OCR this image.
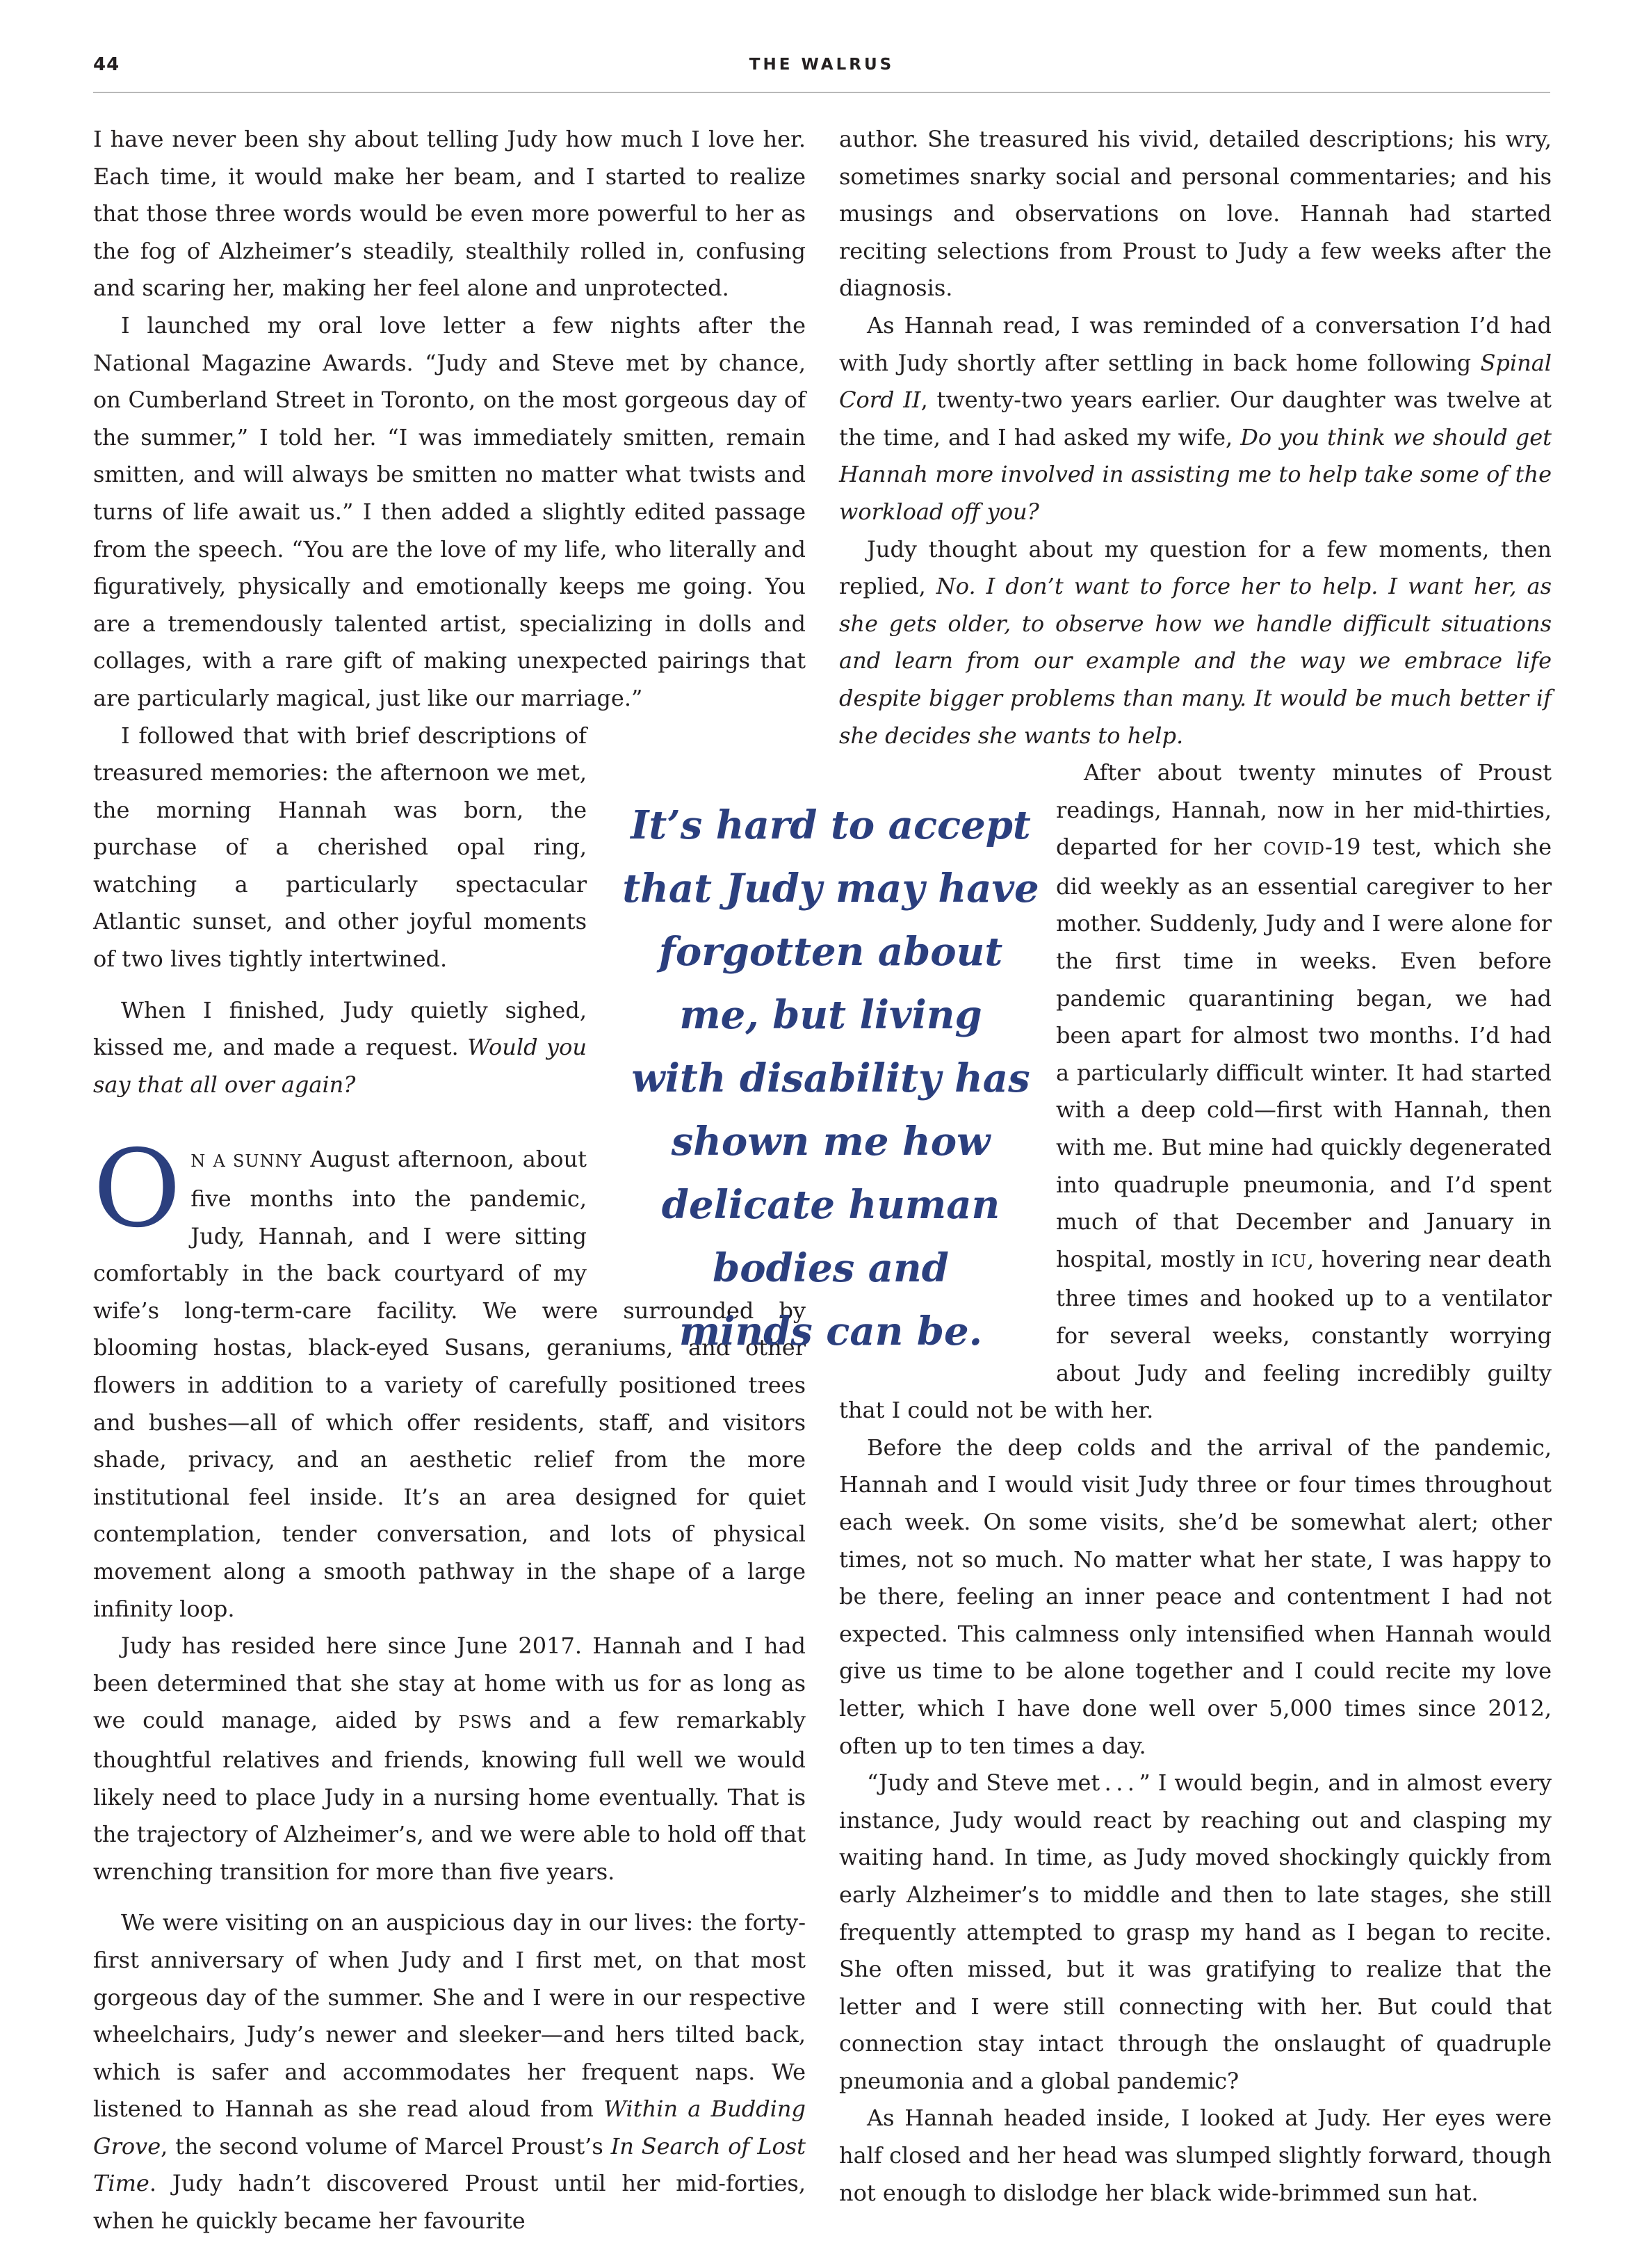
44	THE WALRUS

I have never been shy about telling Judy how much I love her. Each time, it would make her beam, and I started to realize that those three words would be even more powerful to her as the fog of Alzheimer’s steadily, stealthily rolled in, confusing and scaring her, making her feel alone and unprotected.

I launched my oral love letter a few nights after the National Magazine Awards. “Judy and Steve met by chance, on Cumberland Street in Toronto, on the most gorgeous day of the summer,” I told her. “I was immediately smitten, remain smitten, and will always be smitten no matter what twists and turns of life await us.” I then added a slightly edited passage from the speech. “You are the love of my life, who literally and figuratively, physically and emotionally keeps me going. You are a tremendously talented artist, specializing in dolls and collages, with a rare gift of making unexpected pairings that are particularly magical, just like our marriage.”

I followed that with brief descriptions of treasured memories: the afternoon we met, the morning Hannah was born, the purchase of a cherished opal ring, watching a particularly spectacular Atlantic sunset, and other joyful moments of two lives tightly intertwined.

When I finished, Judy quietly sighed, kissed me, and made a request. Would you say that all over again?

ON A SUNNY August afternoon, about five months into the pandemic, Judy, Hannah, and I were sitting comfortably in the back courtyard of my wife’s long-term-care facility. We were surrounded by blooming hostas, black-eyed Susans, geraniums, and other flowers in addition to a variety of carefully positioned trees and bushes—all of which offer residents, staff, and visitors shade, privacy, and an aesthetic relief from the more institutional feel inside. It’s an area designed for quiet contemplation, tender conversation, and lots of physical movement along a smooth pathway in the shape of a large infinity loop.

Judy has resided here since June 2017. Hannah and I had been determined that she stay at home with us for as long as we could manage, aided by PSWs and a few remarkably thoughtful relatives and friends, knowing full well we would likely need to place Judy in a nursing home eventually. That is the trajectory of Alzheimer’s, and we were able to hold off that wrenching transition for more than five years.

We were visiting on an auspicious day in our lives: the forty-first anniversary of when Judy and I first met, on that most gorgeous day of the summer. She and I were in our respective wheelchairs, Judy’s newer and sleeker—and hers tilted back, which is safer and accommodates her frequent naps. We listened to Hannah as she read aloud from Within a Budding Grove, the second volume of Marcel Proust’s In Search of Lost Time. Judy hadn’t discovered Proust until her mid-forties, when he quickly became her favourite

author. She treasured his vivid, detailed descriptions; his wry, sometimes snarky social and personal commentaries; and his musings and observations on love. Hannah had started reciting selections from Proust to Judy a few weeks after the diagnosis.

As Hannah read, I was reminded of a conversation I’d had with Judy shortly after settling in back home following Spinal Cord II, twenty-two years earlier. Our daughter was twelve at the time, and I had asked my wife, Do you think we should get Hannah more involved in assisting me to help take some of the workload off you?

Judy thought about my question for a few moments, then replied, No. I don’t want to force her to help. I want her, as she gets older, to observe how we handle difficult situations and learn from our example and the way we embrace life despite bigger problems than many. It would be much better if she decides she wants to help.

After about twenty minutes of Proust readings, Hannah, now in her mid-thirties, departed for her COVID-19 test, which she did weekly as an essential caregiver to her mother. Suddenly, Judy and I were alone for the first time in weeks. Even before pandemic quarantining began, we had been apart for almost two months. I’d had a particularly difficult winter. It had started with a deep cold—first with Hannah, then with me. But mine had quickly degenerated into quadruple pneumonia, and I’d spent much of that December and January in hospital, mostly in ICU, hovering near death three times and hooked up to a ventilator for several weeks, constantly worrying about Judy and feeling incredibly guilty that I could not be with her.

Before the deep colds and the arrival of the pandemic, Hannah and I would visit Judy three or four times throughout each week. On some visits, she’d be somewhat alert; other times, not so much. No matter what her state, I was happy to be there, feeling an inner peace and contentment I had not expected. This calmness only intensified when Hannah would give us time to be alone together and I could recite my love letter, which I have done well over 5,000 times since 2012, often up to ten times a day.

“Judy and Steve met . . . ” I would begin, and in almost every instance, Judy would react by reaching out and clasping my waiting hand. In time, as Judy moved shockingly quickly from early Alzheimer’s to middle and then to late stages, she still frequently attempted to grasp my hand as I began to recite. She often missed, but it was gratifying to realize that the letter and I were still connecting with her. But could that connection stay intact through the onslaught of quadruple pneumonia and a global pandemic?

As Hannah headed inside, I looked at Judy. Her eyes were half closed and her head was slumped slightly forward, though not enough to dislodge her black wide-brimmed sun hat.

It’s hard to accept
that Judy may have
forgotten about
me, but living
with disability has
shown me how
delicate human
bodies and
minds can be.
